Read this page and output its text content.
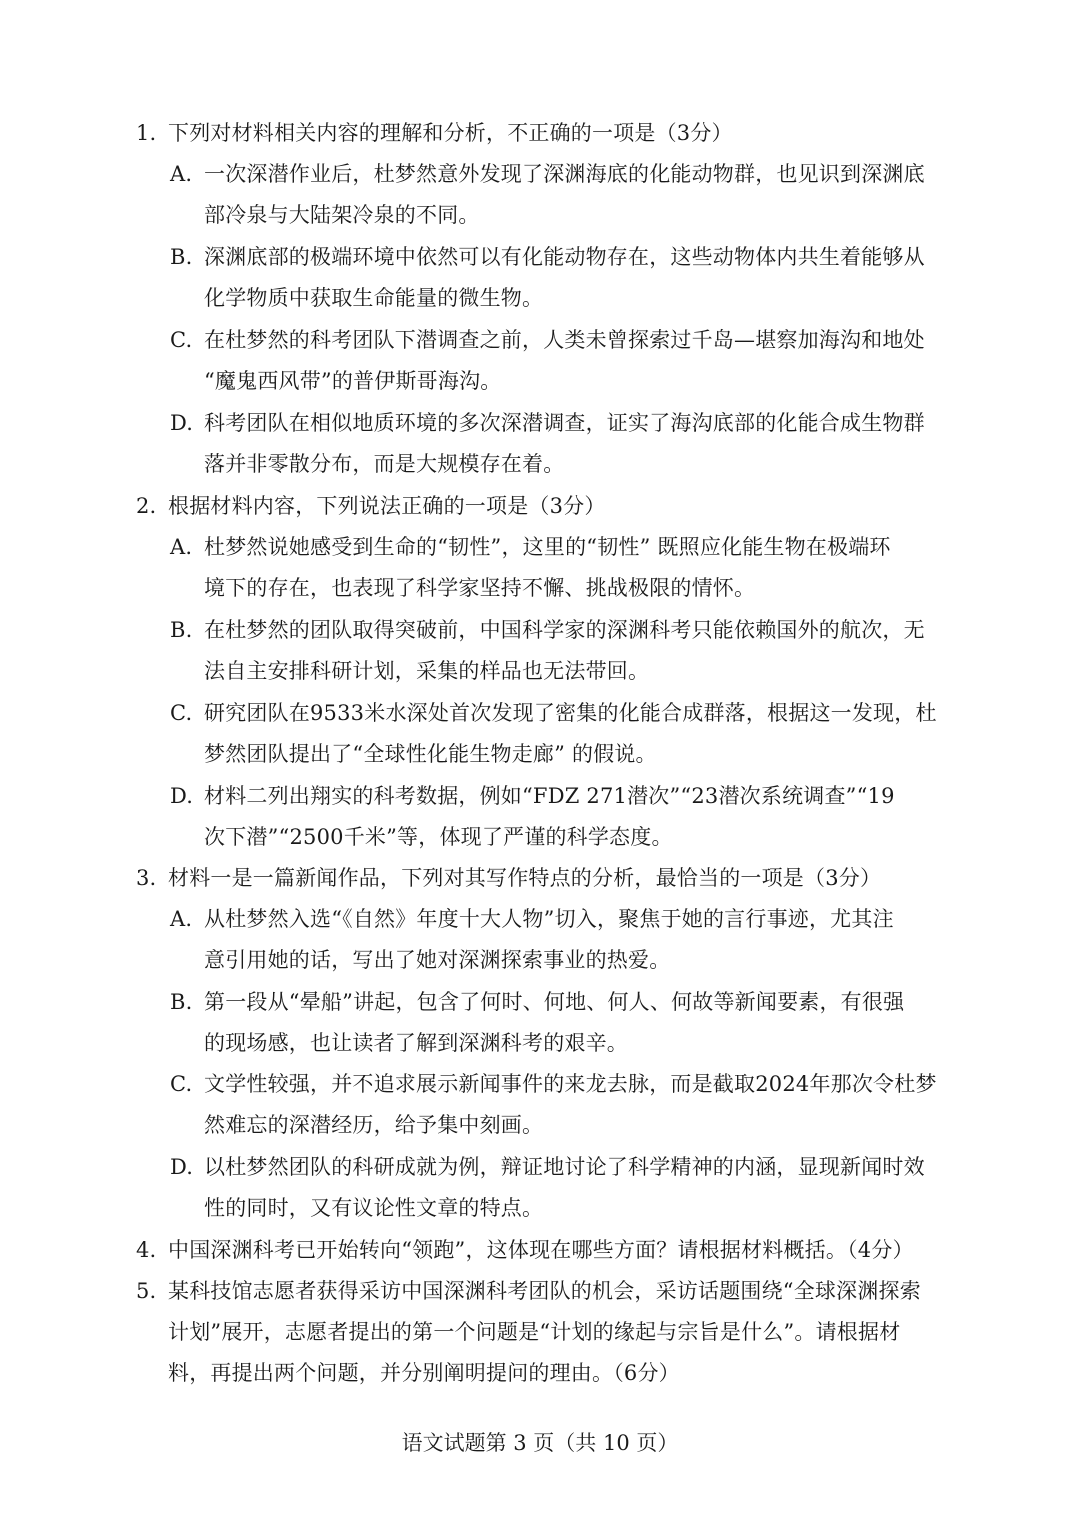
1. 下列对材料相关内容的理解和分析，不正确的一项是（3分）
A. 一次深潜作业后，杜梦然意外发现了深渊海底的化能动物群，也见识到深渊底
部冷泉与大陆架冷泉的不同。
B. 深渊底部的极端环境中依然可以有化能动物存在，这些动物体内共生着能够从
化学物质中获取生命能量的微生物。
C. 在杜梦然的科考团队下潜调查之前，人类未曾探索过千岛—堪察加海沟和地处
“魔鬼西风带”的普伊斯哥海沟。
D. 科考团队在相似地质环境的多次深潜调查，证实了海沟底部的化能合成生物群
落并非零散分布，而是大规模存在着。
2. 根据材料内容，下列说法正确的一项是（3分）
A. 杜梦然说她感受到生命的“韧性”，这里的“韧性” 既照应化能生物在极端环
境下的存在，也表现了科学家坚持不懈、挑战极限的情怀。
B. 在杜梦然的团队取得突破前，中国科学家的深渊科考只能依赖国外的航次，无
法自主安排科研计划，采集的样品也无法带回。
C. 研究团队在9533米水深处首次发现了密集的化能合成群落，根据这一发现，杜
梦然团队提出了“全球性化能生物走廊” 的假说。
D. 材料二列出翔实的科考数据，例如“FDZ 271潜次”“23潜次系统调查”“19
次下潜”“2500千米”等，体现了严谨的科学态度。
3. 材料一是一篇新闻作品，下列对其写作特点的分析，最恰当的一项是（3分）
A. 从杜梦然入选“《自然》年度十大人物”切入，聚焦于她的言行事迹，尤其注
意引用她的话，写出了她对深渊探索事业的热爱。
B. 第一段从“晕船”讲起，包含了何时、何地、何人、何故等新闻要素，有很强
的现场感，也让读者了解到深渊科考的艰辛。
C. 文学性较强，并不追求展示新闻事件的来龙去脉，而是截取2024年那次令杜梦
然难忘的深潜经历，给予集中刻画。
D. 以杜梦然团队的科研成就为例，辩证地讨论了科学精神的内涵，显现新闻时效
性的同时，又有议论性文章的特点。
4. 中国深渊科考已开始转向“领跑”，这体现在哪些方面？请根据材料概括。（4分）
5. 某科技馆志愿者获得采访中国深渊科考团队的机会，采访话题围绕“全球深渊探索
计划”展开，志愿者提出的第一个问题是“计划的缘起与宗旨是什么”。请根据材
料，再提出两个问题，并分别阐明提问的理由。（6分）
语文试题第 3 页（共 10 页）
